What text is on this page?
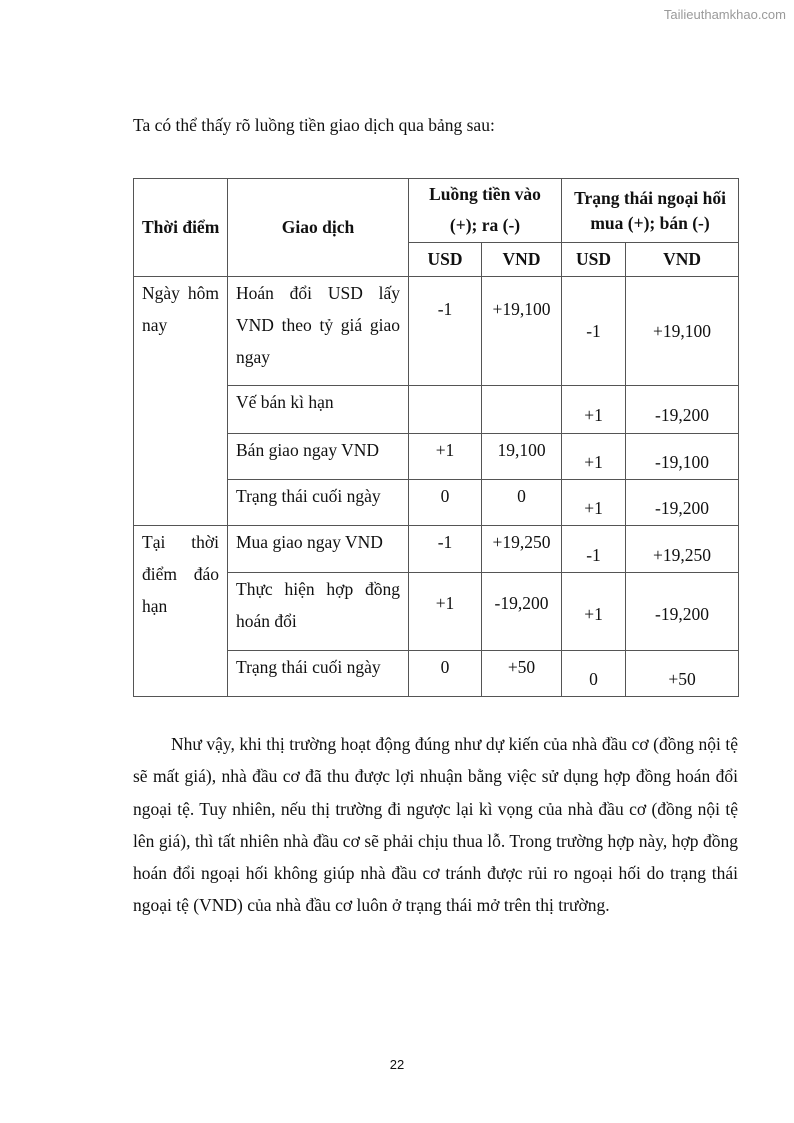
Tailieuthamkhao.com
Ta có thể thấy rõ luồng tiền giao dịch qua bảng sau:
Thời điểm	Giao dịch	Luồng tiền vào (+); ra (-)		Trạng thái ngoại hối mua (+); bán (-)	
		USD	VND	USD	VND

Ngày hôm nay	Hoán đổi USD lấy VND theo tỷ giá giao ngay	-1	+19,100	-1	+19,100
	Vế bán kì hạn			+1	-19,200
	Bán giao ngay VND	+1	19,100	+1	-19,100
	Trạng thái cuối ngày	0	0	+1	-19,200

Tại thời điểm đáo hạn	Mua giao ngay VND	-1	+19,250	-1	+19,250
	Thực hiện hợp đồng hoán đổi	+1	-19,200	+1	-19,200
	Trạng thái cuối ngày	0	+50	0	+50

Như vậy, khi thị trường hoạt động đúng như dự kiến của nhà đầu cơ (đồng nội tệ sẽ mất giá), nhà đầu cơ đã thu được lợi nhuận bằng việc sử dụng hợp đồng hoán đổi ngoại tệ. Tuy nhiên, nếu thị trường đi ngược lại kì vọng của nhà đầu cơ (đồng nội tệ lên giá), thì tất nhiên nhà đầu cơ sẽ phải chịu thua lỗ. Trong trường hợp này, hợp đồng hoán đổi ngoại hối không giúp nhà đầu cơ tránh được rủi ro ngoại hối do trạng thái ngoại tệ (VND) của nhà đầu cơ luôn ở trạng thái mở trên thị trường.

22
